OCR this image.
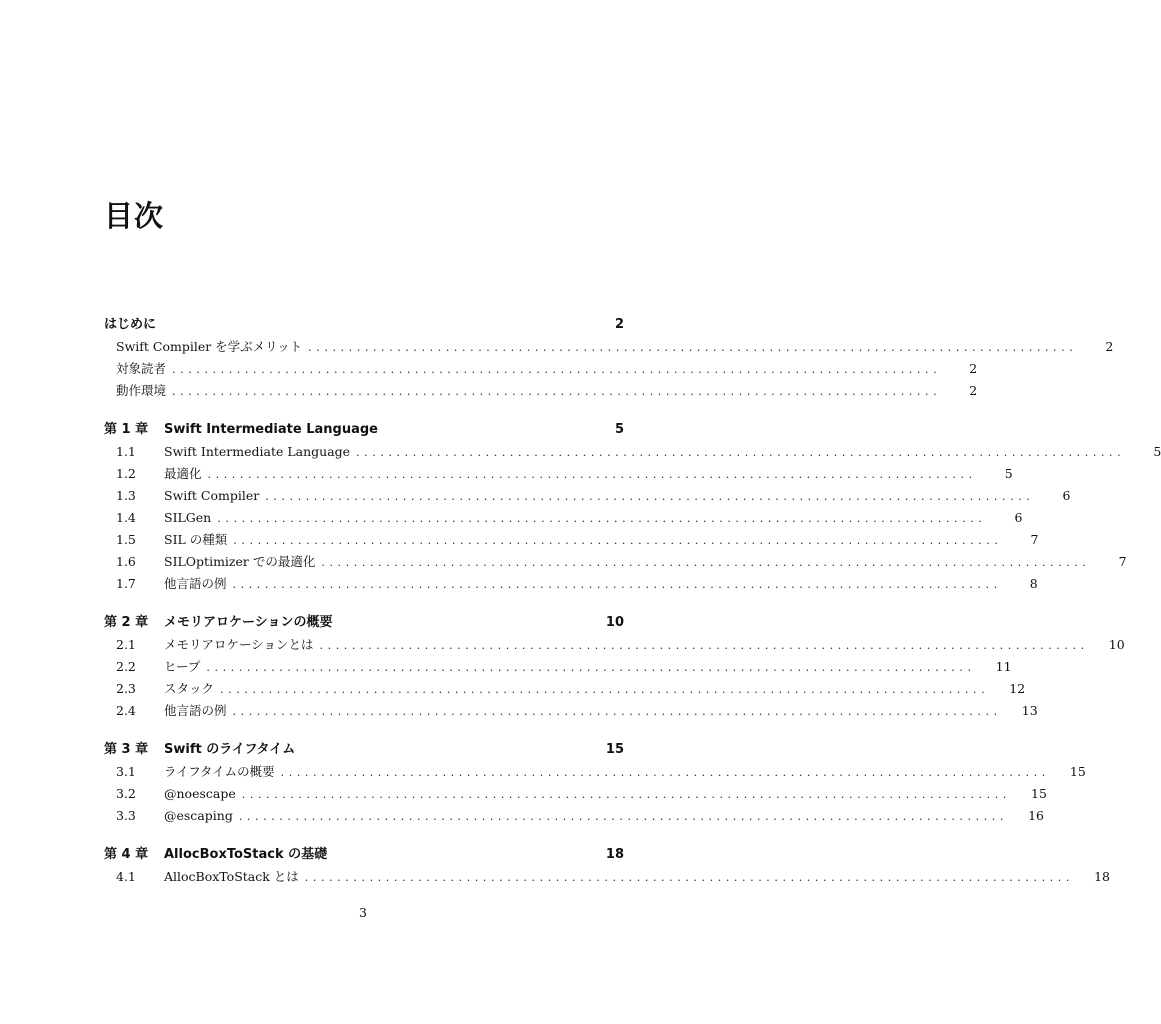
目次
はじめに	2
Swift Compiler を学ぶメリット ...............................................................................................	2
対象読者 ...............................................................................................	2
動作環境 ...............................................................................................	2
第 1 章	Swift Intermediate Language	5
1.1	Swift Intermediate Language ...............................................................................................	5
1.2	最適化 ...............................................................................................	5
1.3	Swift Compiler ...............................................................................................	6
1.4	SILGen ...............................................................................................	6
1.5	SIL の種類 ...............................................................................................	7
1.6	SILOptimizer での最適化 ...............................................................................................	7
1.7	他言語の例 ...............................................................................................	8
第 2 章	メモリアロケーションの概要	10
2.1	メモリアロケーションとは ...............................................................................................	10
2.2	ヒープ ...............................................................................................	11
2.3	スタック ...............................................................................................	12
2.4	他言語の例 ...............................................................................................	13
第 3 章	Swift のライフタイム	15
3.1	ライフタイムの概要 ...............................................................................................	15
3.2	@noescape ...............................................................................................	15
3.3	@escaping ...............................................................................................	16
第 4 章	AllocBoxToStack の基礎	18
4.1	AllocBoxToStack とは ...............................................................................................	18
3
